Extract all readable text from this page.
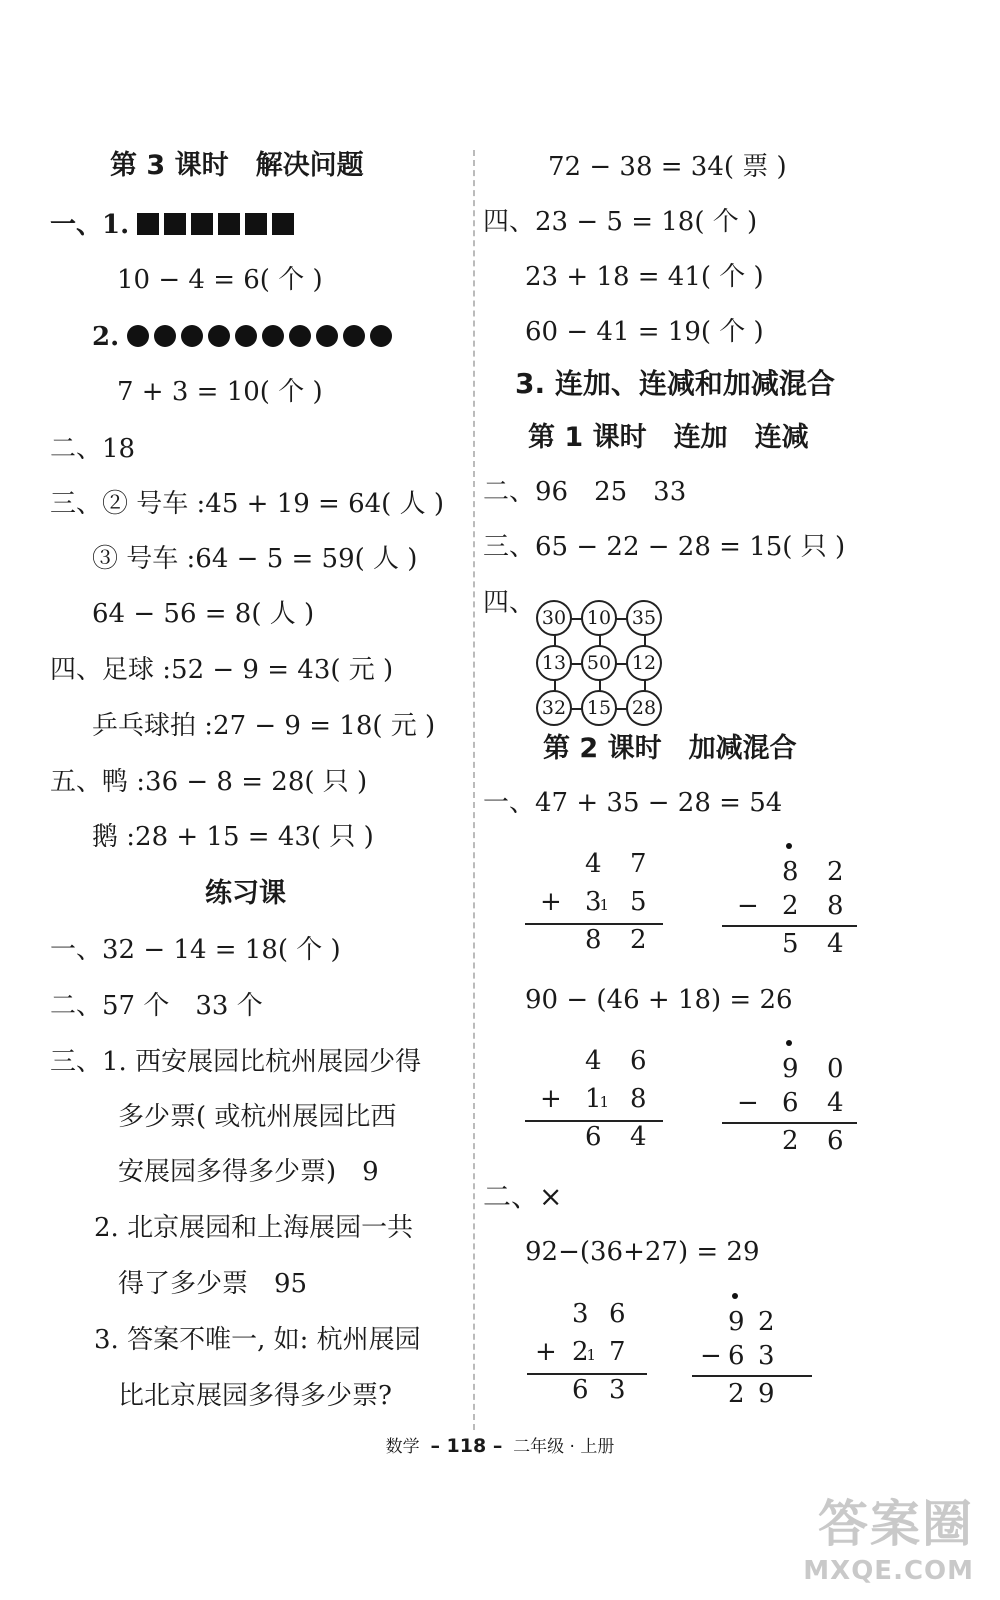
第 3 课时　解决问题
一、1.
10 − 4 = 6( 个 )
2.
7 + 3 = 10( 个 )
二、18
三、② 号车 :45 + 19 = 64( 人 )
③ 号车 :64 − 5 = 59( 人 )
64 − 56 = 8( 人 )
四、足球 :52 − 9 = 43( 元 )
乒乓球拍 :27 − 9 = 18( 元 )
五、鸭 :36 − 8 = 28( 只 )
鹅 :28 + 15 = 43( 只 )
练习课
一、32 − 14 = 18( 个 )
二、57 个　33 个
三、1. 西安展园比杭州展园少得
多少票( 或杭州展园比西
安展园多得多少票)　9
2. 北京展园和上海展园一共
得了多少票　95
3. 答案不唯一, 如: 杭州展园
比北京展园多得多少票?
72 − 38 = 34( 票 )
四、23 − 5 = 18( 个 )
23 + 18 = 41( 个 )
60 − 41 = 19( 个 )
3. 连加、连减和加减混合
第 1 课时　连加　连减
二、96　25　33
三、65 − 22 − 28 = 15( 只 )
四、 30	10	35
13	50	12
32	15	28
第 2 课时　加减混合
一、47 + 35 − 28 = 54
4 7
+ 31 5
8 2
8 2
− 2 8
5 4
90 − (46 + 18) = 26
4 6
+ 11 8
6 4
9 0
− 6 4
2 6
二、×
92−(36+27) = 29
3 6
+ 21 7
6 3
9 2
− 6 3
2 9
数学 – 118 – 二年级 · 上册
答案圈
MXQE.COM
